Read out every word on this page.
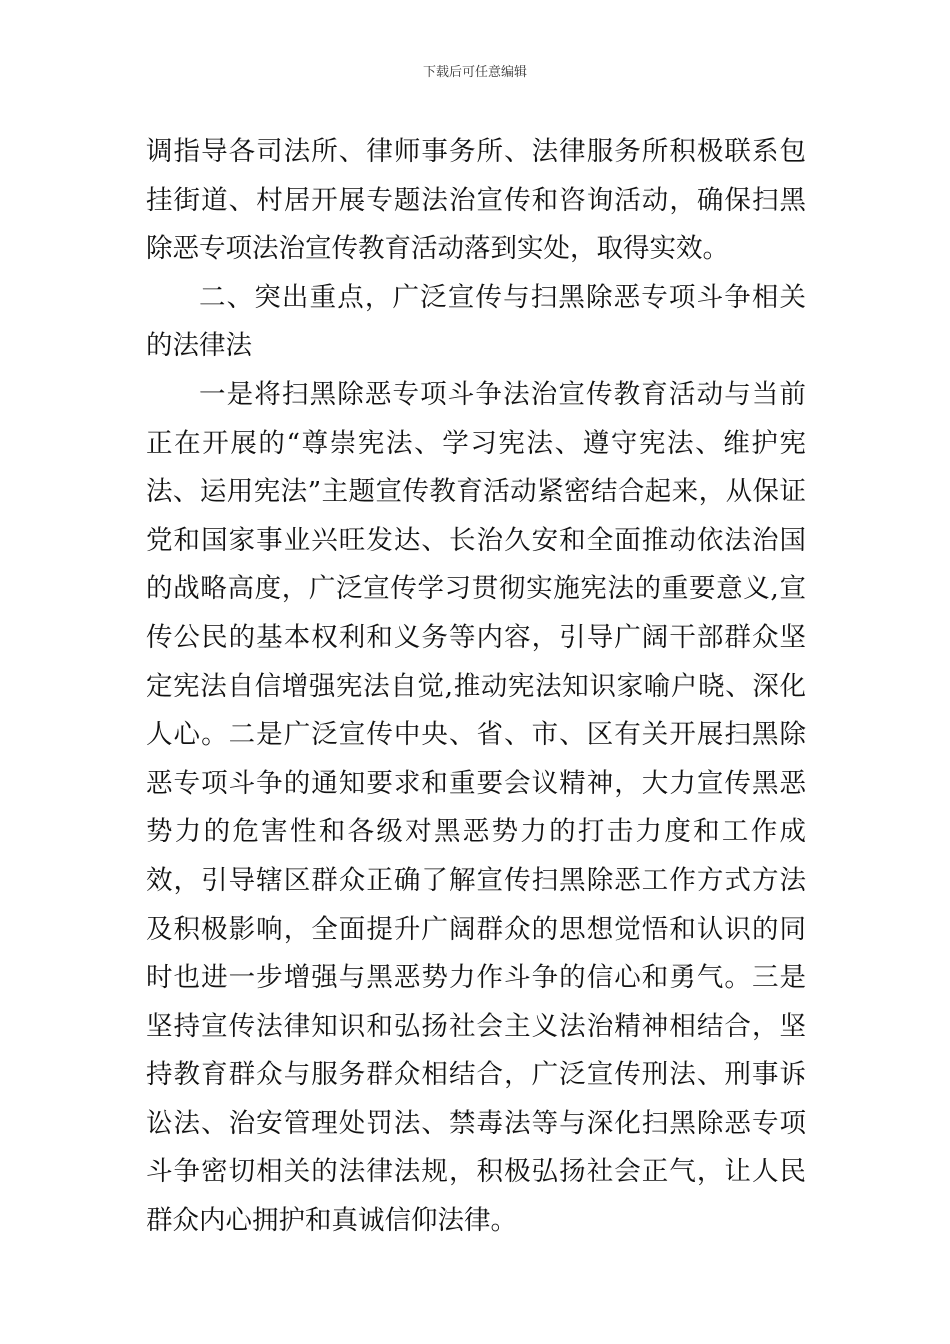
下载后可任意编辑

调指导各司法所、律师事务所、法律服务所积极联系包挂街道、村居开展专题法治宣传和咨询活动，确保扫黑除恶专项法治宣传教育活动落到实处，取得实效。

二、突出重点，广泛宣传与扫黑除恶专项斗争相关的法律法

一是将扫黑除恶专项斗争法治宣传教育活动与当前正在开展的“尊崇宪法、学习宪法、遵守宪法、维护宪法、运用宪法”主题宣传教育活动紧密结合起来，从保证党和国家事业兴旺发达、长治久安和全面推动依法治国的战略高度，广泛宣传学习贯彻实施宪法的重要意义,宣传公民的基本权利和义务等内容，引导广阔干部群众坚定宪法自信增强宪法自觉,推动宪法知识家喻户晓、深化人心。二是广泛宣传中央、省、市、区有关开展扫黑除恶专项斗争的通知要求和重要会议精神，大力宣传黑恶势力的危害性和各级对黑恶势力的打击力度和工作成效，引导辖区群众正确了解宣传扫黑除恶工作方式方法及积极影响，全面提升广阔群众的思想觉悟和认识的同时也进一步增强与黑恶势力作斗争的信心和勇气。三是坚持宣传法律知识和弘扬社会主义法治精神相结合，坚持教育群众与服务群众相结合，广泛宣传刑法、刑事诉讼法、治安管理处罚法、禁毒法等与深化扫黑除恶专项斗争密切相关的法律法规，积极弘扬社会正气，让人民群众内心拥护和真诚信仰法律。
